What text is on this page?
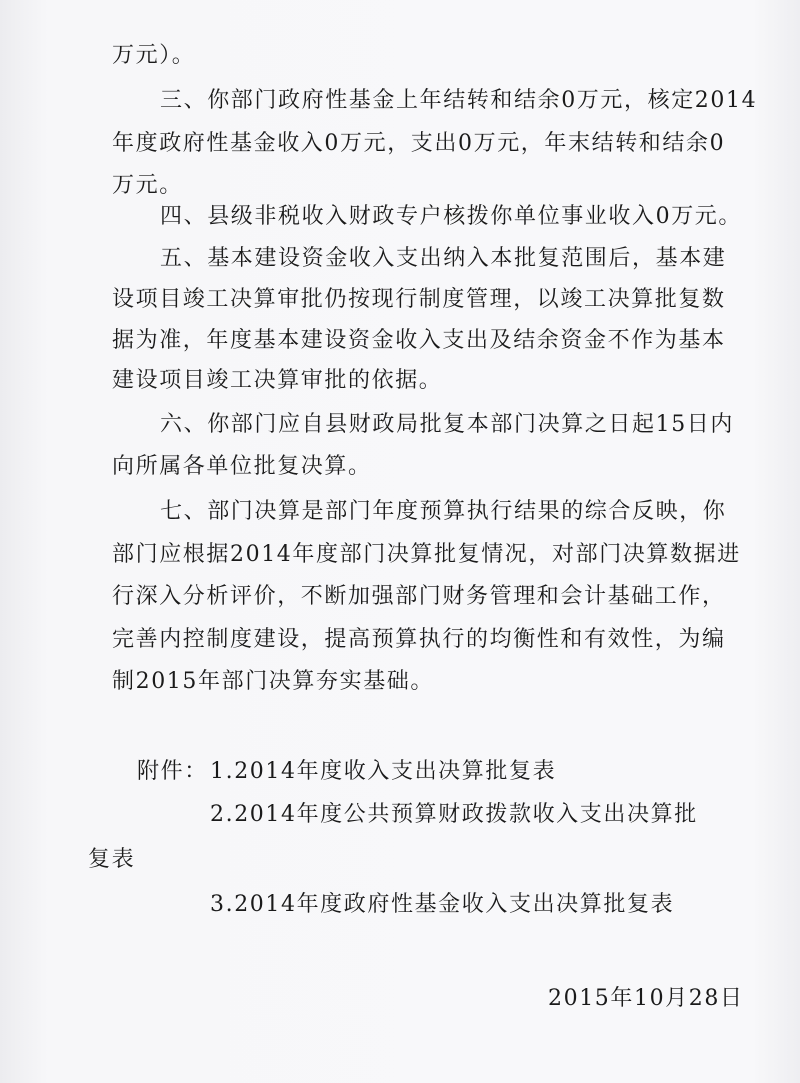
万元）。
三、你部门政府性基金上年结转和结余0万元，核定2014
年度政府性基金收入0万元，支出0万元，年末结转和结余0
万元。
四、县级非税收入财政专户核拨你单位事业收入0万元。
五、基本建设资金收入支出纳入本批复范围后，基本建
设项目竣工决算审批仍按现行制度管理，以竣工决算批复数
据为准，年度基本建设资金收入支出及结余资金不作为基本
建设项目竣工决算审批的依据。
六、你部门应自县财政局批复本部门决算之日起15日内
向所属各单位批复决算。
七、部门决算是部门年度预算执行结果的综合反映，你
部门应根据2014年度部门决算批复情况，对部门决算数据进
行深入分析评价，不断加强部门财务管理和会计基础工作，
完善内控制度建设，提高预算执行的均衡性和有效性，为编
制2015年部门决算夯实基础。
附件： 1.2014年度收入支出决算批复表
2.2014年度公共预算财政拨款收入支出决算批
复表
3.2014年度政府性基金收入支出决算批复表
2015年10月28日
